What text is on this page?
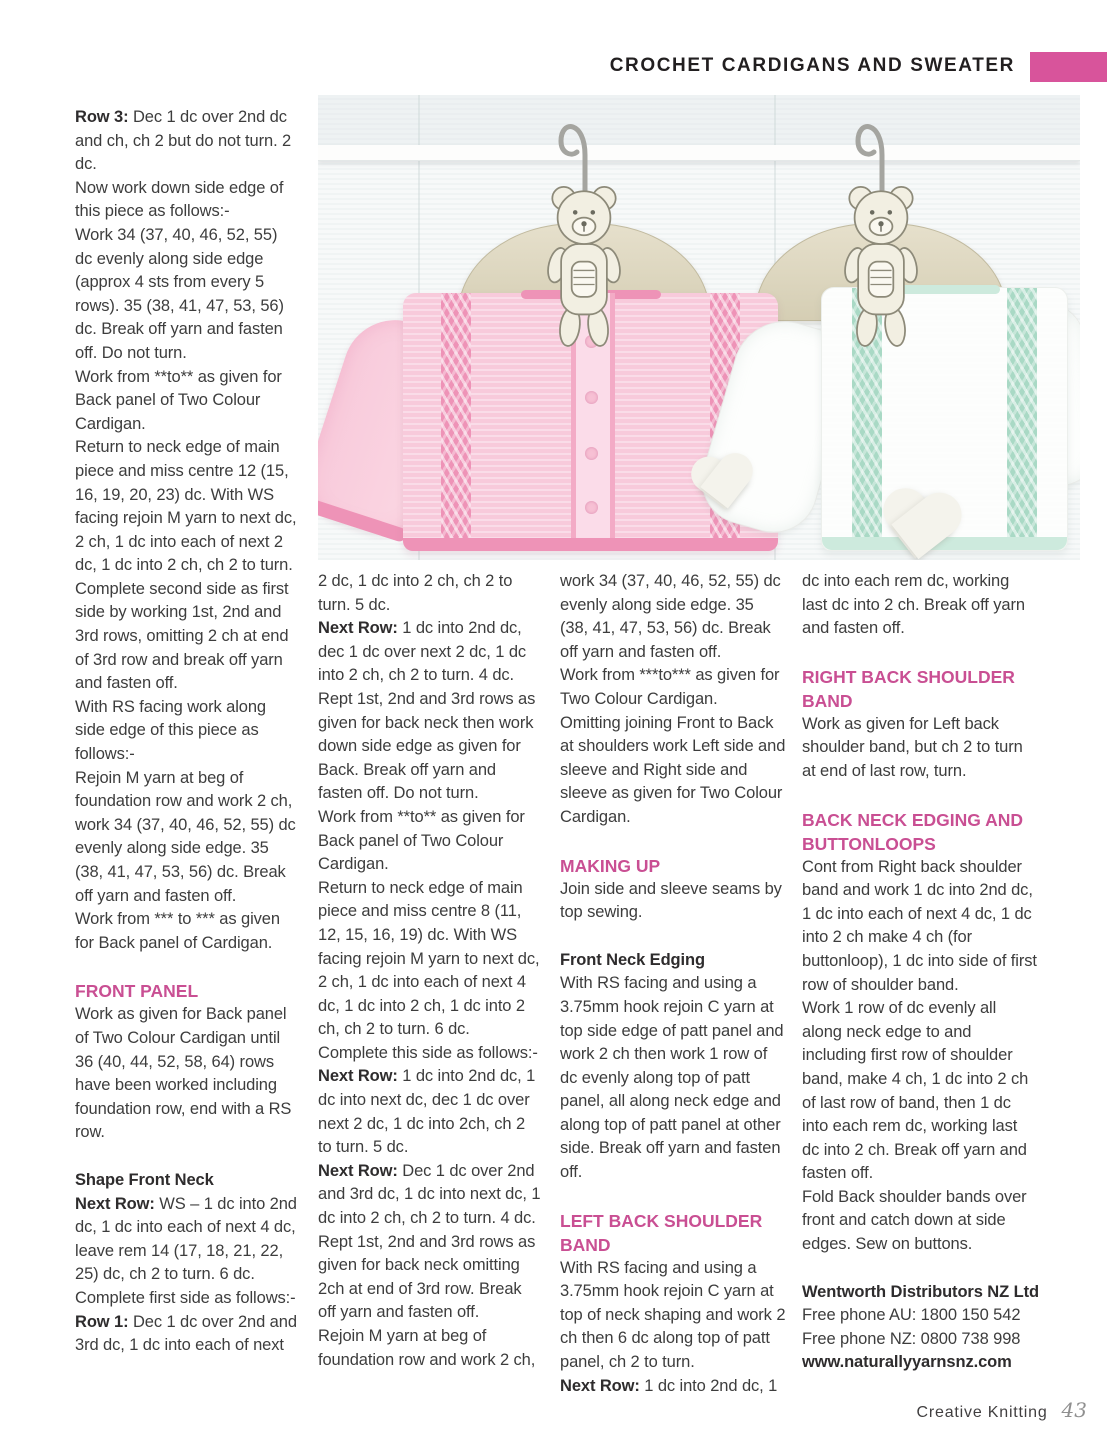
CROCHET CARDIGANS AND SWEATER

Row 3: Dec 1 dc over 2nd dc and ch, ch 2 but do not turn. 2 dc.

Now work down side edge of this piece as follows:-

Work 34 (37, 40, 46, 52, 55) dc evenly along side edge (approx 4 sts from every 5 rows). 35 (38, 41, 47, 53, 56) dc. Break off yarn and fasten off. Do not turn.

Work from **to** as given for Back panel of Two Colour Cardigan.

Return to neck edge of main piece and miss centre 12 (15, 16, 19, 20, 23) dc. With WS facing rejoin M yarn to next dc, 2 ch, 1 dc into each of next 2 dc, 1 dc into 2 ch, ch 2 to turn.

Complete second side as first side by working 1st, 2nd and 3rd rows, omitting 2 ch at end of 3rd row and break off yarn and fasten off.

With RS facing work along side edge of this piece as follows:-

Rejoin M yarn at beg of foundation row and work 2 ch, work 34 (37, 40, 46, 52, 55) dc evenly along side edge. 35 (38, 41, 47, 53, 56) dc. Break off yarn and fasten off.

Work from *** to *** as given for Back panel of Cardigan.

FRONT PANEL

Work as given for Back panel of Two Colour Cardigan until 36 (40, 44, 52, 58, 64) rows have been worked including foundation row, end with a RS row.

Shape Front Neck

Next Row: WS – 1 dc into 2nd dc, 1 dc into each of next 4 dc, leave rem 14 (17, 18, 21, 22, 25) dc, ch 2 to turn. 6 dc.

Complete first side as follows:-

Row 1: Dec 1 dc over 2nd and 3rd dc, 1 dc into each of next

2 dc, 1 dc into 2 ch, ch 2 to turn. 5 dc.

Next Row: 1 dc into 2nd dc, dec 1 dc over next 2 dc, 1 dc into 2 ch, ch 2 to turn. 4 dc.

Rept 1st, 2nd and 3rd rows as given for back neck then work down side edge as given for Back. Break off yarn and fasten off. Do not turn.

Work from **to** as given for Back panel of Two Colour Cardigan.

Return to neck edge of main piece and miss centre 8 (11, 12, 15, 16, 19) dc. With WS facing rejoin M yarn to next dc, 2 ch, 1 dc into each of next 4 dc, 1 dc into 2 ch, 1 dc into 2 ch, ch 2 to turn. 6 dc.

Complete this side as follows:-

Next Row: 1 dc into 2nd dc, 1 dc into next dc, dec 1 dc over next 2 dc, 1 dc into 2ch, ch 2 to turn. 5 dc.

Next Row: Dec 1 dc over 2nd and 3rd dc, 1 dc into next dc, 1 dc into 2 ch, ch 2 to turn. 4 dc.

Rept 1st, 2nd and 3rd rows as given for back neck omitting 2ch at end of 3rd row. Break off yarn and fasten off.

Rejoin M yarn at beg of foundation row and work 2 ch,

work 34 (37, 40, 46, 52, 55) dc evenly along side edge. 35 (38, 41, 47, 53, 56) dc. Break off yarn and fasten off.

Work from ***to*** as given for Two Colour Cardigan.

Omitting joining Front to Back at shoulders work Left side and sleeve and Right side and sleeve as given for Two Colour Cardigan.

MAKING UP

Join side and sleeve seams by top sewing.

Front Neck Edging

With RS facing and using a 3.75mm hook rejoin C yarn at top side edge of patt panel and work 2 ch then work 1 row of dc evenly along top of patt panel, all along neck edge and along top of patt panel at other side. Break off yarn and fasten off.

LEFT BACK SHOULDER BAND

With RS facing and using a 3.75mm hook rejoin C yarn at top of neck shaping and work 2 ch then 6 dc along top of patt panel, ch 2 to turn.

Next Row: 1 dc into 2nd dc, 1

dc into each rem dc, working last dc into 2 ch. Break off yarn and fasten off.

RIGHT BACK SHOULDER BAND

Work as given for Left back shoulder band, but ch 2 to turn at end of last row, turn.

BACK NECK EDGING AND BUTTONLOOPS

Cont from Right back shoulder band and work 1 dc into 2nd dc, 1 dc into each of next 4 dc, 1 dc into 2 ch make 4 ch (for buttonloop), 1 dc into side of first row of shoulder band.

Work 1 row of dc evenly all along neck edge to and including first row of shoulder band, make 4 ch, 1 dc into 2 ch of last row of band, then 1 dc into each rem dc, working last dc into 2 ch. Break off yarn and fasten off.

Fold Back shoulder bands over front and catch down at side edges. Sew on buttons.

Wentworth Distributors NZ Ltd

Free phone AU: 1800 150 542

Free phone NZ: 0800 738 998

www.naturallyyarnsnz.com

Creative Knitting 43
